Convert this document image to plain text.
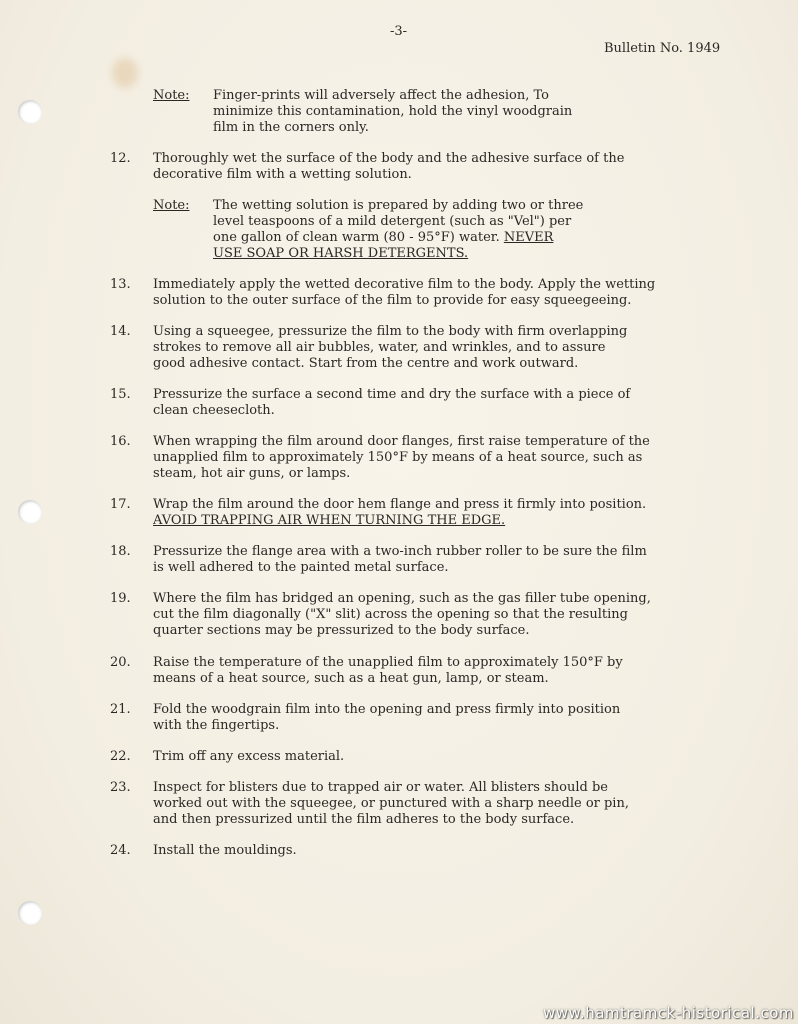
-3-
Bulletin No. 1949
Note: Finger-prints will adversely affect the adhesion, To
minimize this contamination, hold the vinyl woodgrain
film in the corners only.
12. Thoroughly wet the surface of the body and the adhesive surface of the
decorative film with a wetting solution.
Note: The wetting solution is prepared by adding two or three
level teaspoons of a mild detergent (such as "Vel") per
one gallon of clean warm (80 - 95°F) water. NEVER
USE SOAP OR HARSH DETERGENTS.
13. Immediately apply the wetted decorative film to the body. Apply the wetting
solution to the outer surface of the film to provide for easy squeegeeing.
14. Using a squeegee, pressurize the film to the body with firm overlapping
strokes to remove all air bubbles, water, and wrinkles, and to assure
good adhesive contact. Start from the centre and work outward.
15. Pressurize the surface a second time and dry the surface with a piece of
clean cheesecloth.
16. When wrapping the film around door flanges, first raise temperature of the
unapplied film to approximately 150°F by means of a heat source, such as
steam, hot air guns, or lamps.
17. Wrap the film around the door hem flange and press it firmly into position.
AVOID TRAPPING AIR WHEN TURNING THE EDGE.
18. Pressurize the flange area with a two-inch rubber roller to be sure the film
is well adhered to the painted metal surface.
19. Where the film has bridged an opening, such as the gas filler tube opening,
cut the film diagonally ("X" slit) across the opening so that the resulting
quarter sections may be pressurized to the body surface.
20. Raise the temperature of the unapplied film to approximately 150°F by
means of a heat source, such as a heat gun, lamp, or steam.
21. Fold the woodgrain film into the opening and press firmly into position
with the fingertips.
22. Trim off any excess material.
23. Inspect for blisters due to trapped air or water. All blisters should be
worked out with the squeegee, or punctured with a sharp needle or pin,
and then pressurized until the film adheres to the body surface.
24. Install the mouldings.
www.hamtramck-historical.com
